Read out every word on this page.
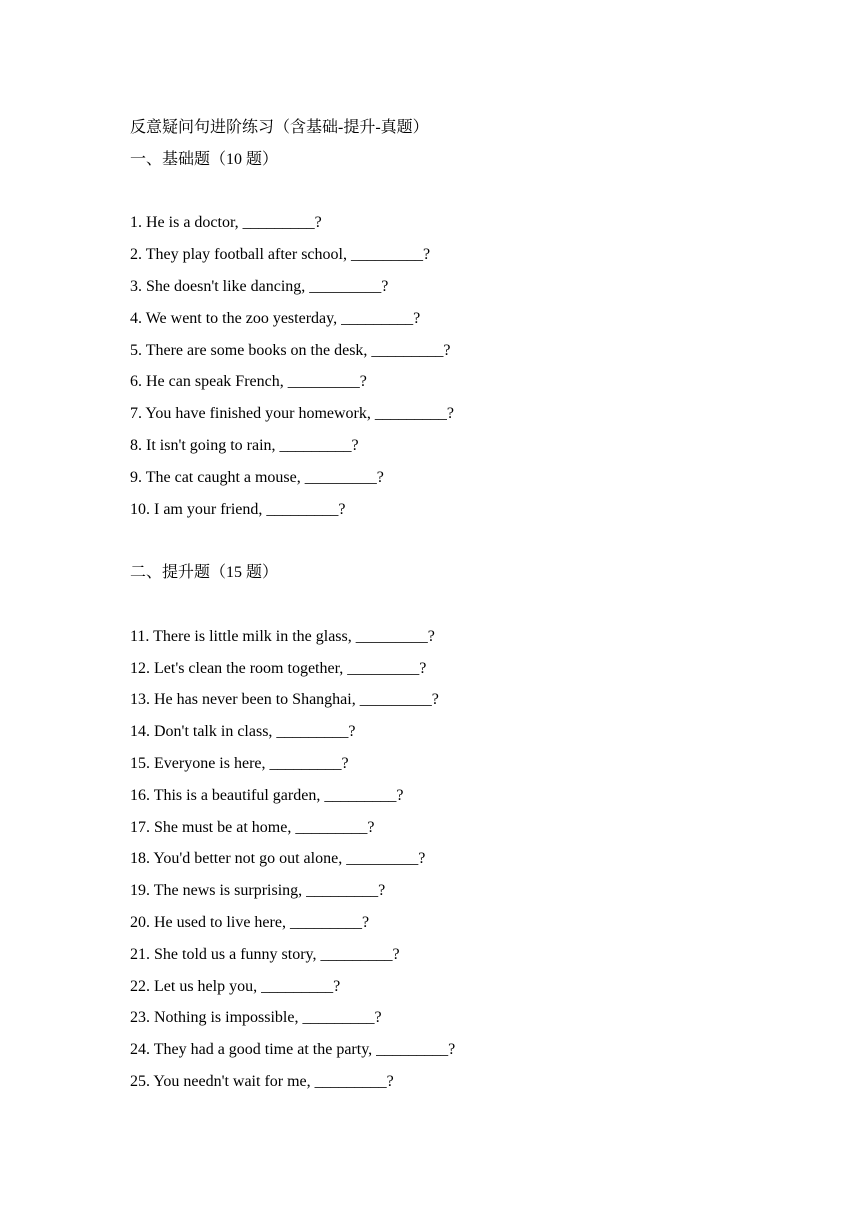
反意疑问句进阶练习（含基础-提升-真题）
一、基础题（10 题）
1. He is a doctor, _________?
2. They play football after school, _________?
3. She doesn't like dancing, _________?
4. We went to the zoo yesterday, _________?
5. There are some books on the desk, _________?
6. He can speak French, _________?
7. You have finished your homework, _________?
8. It isn't going to rain, _________?
9. The cat caught a mouse, _________?
10. I am your friend, _________?
二、提升题（15 题）
11. There is little milk in the glass, _________?
12. Let's clean the room together, _________?
13. He has never been to Shanghai, _________?
14. Don't talk in class, _________?
15. Everyone is here, _________?
16. This is a beautiful garden, _________?
17. She must be at home, _________?
18. You'd better not go out alone, _________?
19. The news is surprising, _________?
20. He used to live here, _________?
21. She told us a funny story, _________?
22. Let us help you, _________?
23. Nothing is impossible, _________?
24. They had a good time at the party, _________?
25. You needn't wait for me, _________?
